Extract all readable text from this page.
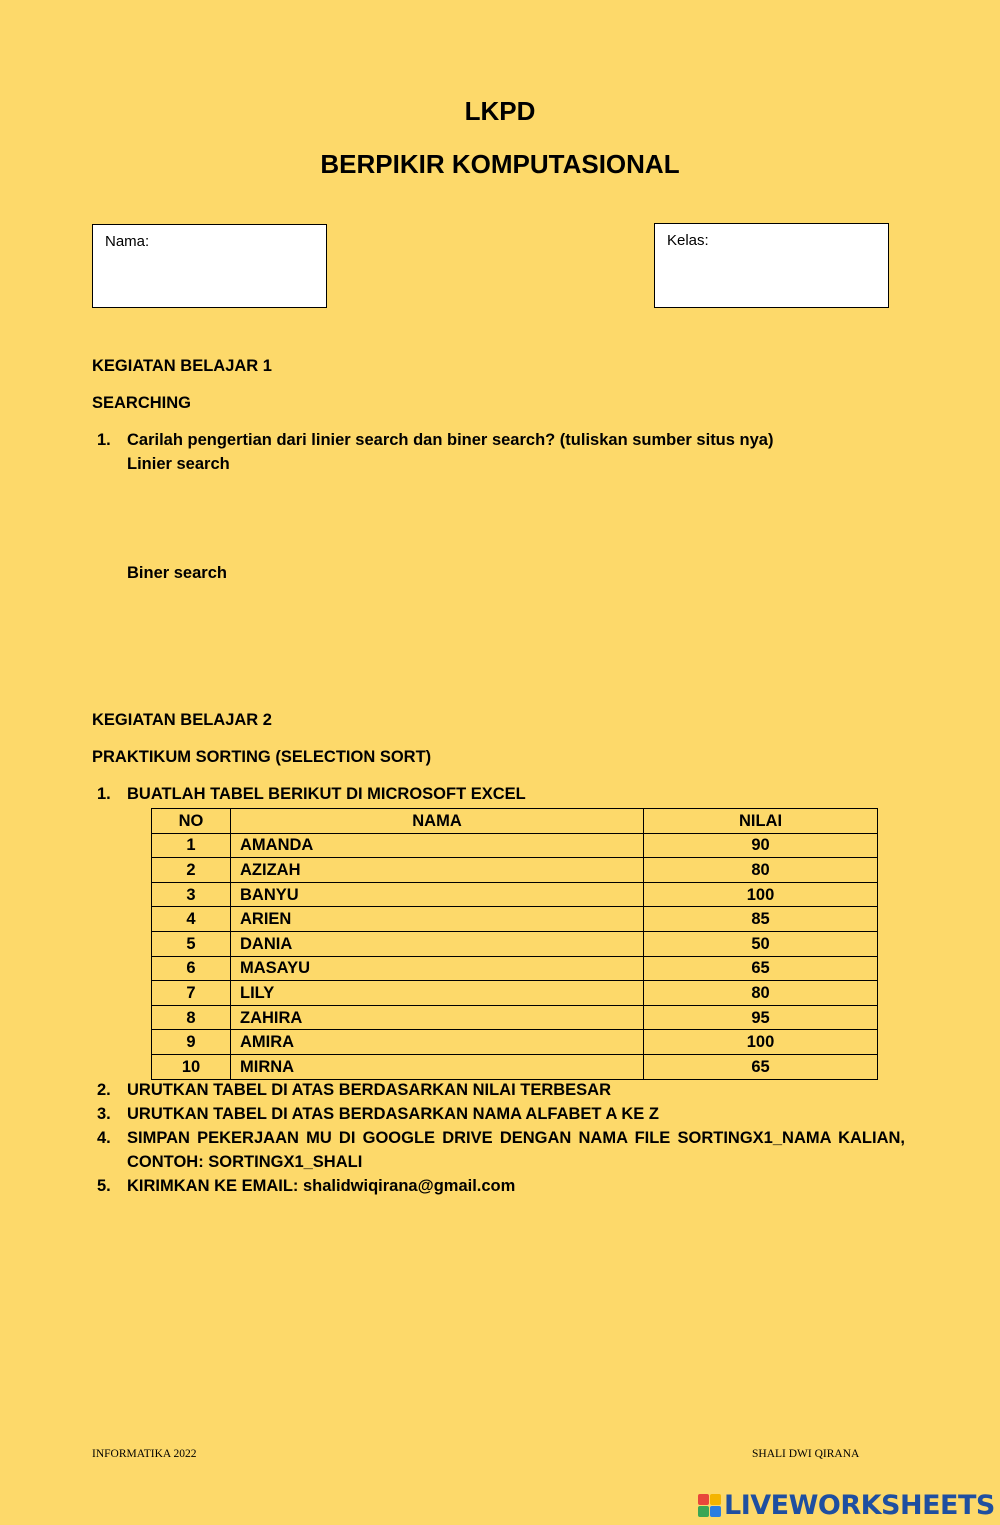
LKPD
BERPIKIR KOMPUTASIONAL
Nama:	Kelas:
KEGIATAN BELAJAR 1
SEARCHING
1. Carilah pengertian dari linier search dan biner search? (tuliskan sumber situs nya)
Linier search
Biner search
KEGIATAN BELAJAR 2
PRAKTIKUM SORTING (SELECTION SORT)
1. BUATLAH TABEL BERIKUT DI MICROSOFT EXCEL
NO	NAMA	NILAI
1	AMANDA	90
2	AZIZAH	80
3	BANYU	100
4	ARIEN	85
5	DANIA	50
6	MASAYU	65
7	LILY	80
8	ZAHIRA	95
9	AMIRA	100
10	MIRNA	65
2. URUTKAN TABEL DI ATAS BERDASARKAN NILAI TERBESAR
3. URUTKAN TABEL DI ATAS BERDASARKAN NAMA ALFABET A KE Z
4. SIMPAN PEKERJAAN MU DI GOOGLE DRIVE DENGAN NAMA FILE SORTINGX1_NAMA KALIAN,
CONTOH: SORTINGX1_SHALI
5. KIRIMKAN KE EMAIL: shalidwiqirana@gmail.com
INFORMATIKA 2022	SHALI DWI QIRANA
LIVEWORKSHEETS
